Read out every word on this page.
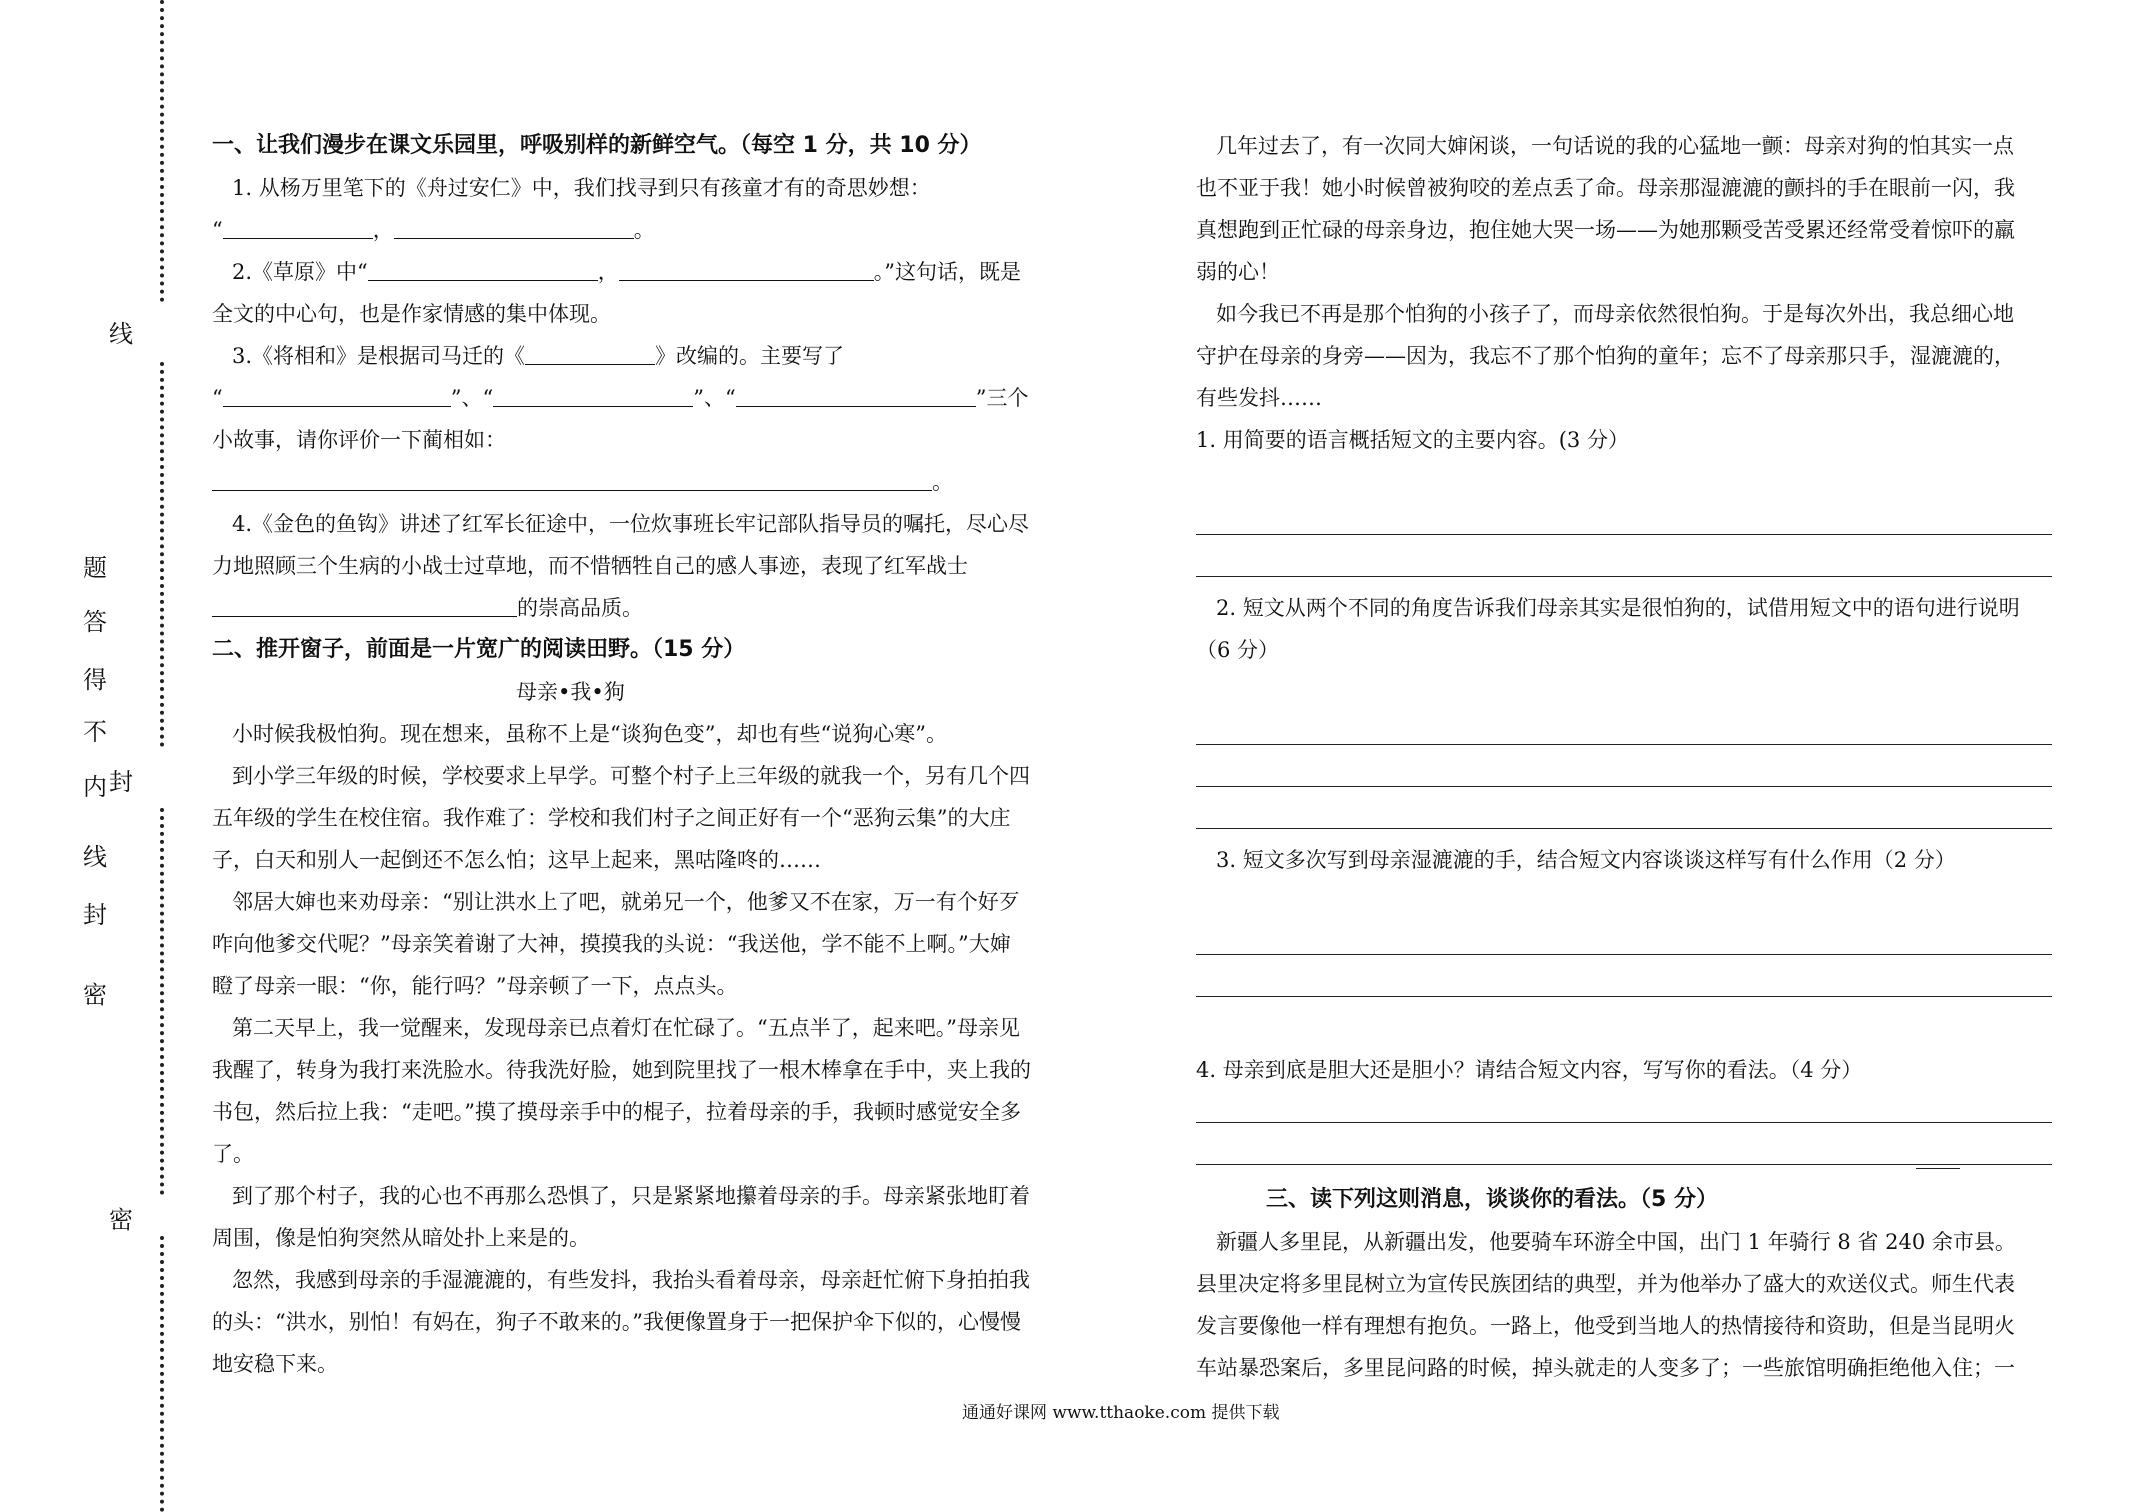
线
题
答
得
不
内 封
线
封
密
密
一、让我们漫步在课文乐园里，呼吸别样的新鲜空气。（每空 1 分，共 10 分）
1. 从杨万里笔下的《舟过安仁》中，我们找寻到只有孩童才有的奇思妙想：
“	，	。
2.《草原》中“	，	。”这句话，既是
全文的中心句，也是作家情感的集中体现。
3.《将相和》是根据司马迁的《	》改编的。主要写了
“	”、“	”、“	”三个
小故事，请你评价一下蔺相如：
。
4.《金色的鱼钩》讲述了红军长征途中，一位炊事班长牢记部队指导员的嘱托，尽心尽
力地照顾三个生病的小战士过草地，而不惜牺牲自己的感人事迹，表现了红军战士
的崇高品质。
二、推开窗子，前面是一片宽广的阅读田野。（15 分）
母亲•我•狗
小时候我极怕狗。现在想来，虽称不上是“谈狗色变”，却也有些“说狗心寒”。
到小学三年级的时候，学校要求上早学。可整个村子上三年级的就我一个，另有几个四
五年级的学生在校住宿。我作难了：学校和我们村子之间正好有一个“恶狗云集”的大庄
子，白天和别人一起倒还不怎么怕；这早上起来，黑咕隆咚的……
邻居大婶也来劝母亲：“别让洪水上了吧，就弟兄一个，他爹又不在家，万一有个好歹
咋向他爹交代呢？”母亲笑着谢了大神，摸摸我的头说：“我送他，学不能不上啊。”大婶
瞪了母亲一眼：“你，能行吗？”母亲顿了一下，点点头。
第二天早上，我一觉醒来，发现母亲已点着灯在忙碌了。“五点半了，起来吧。”母亲见
我醒了，转身为我打来洗脸水。待我洗好脸，她到院里找了一根木棒拿在手中，夹上我的
书包，然后拉上我：“走吧。”摸了摸母亲手中的棍子，拉着母亲的手，我顿时感觉安全多
了。
到了那个村子，我的心也不再那么恐惧了，只是紧紧地攥着母亲的手。母亲紧张地盯着
周围，像是怕狗突然从暗处扑上来是的。
忽然，我感到母亲的手湿漉漉的，有些发抖，我抬头看着母亲，母亲赶忙俯下身拍拍我
的头：“洪水，别怕！有妈在，狗子不敢来的。”我便像置身于一把保护伞下似的，心慢慢
地安稳下来。
几年过去了，有一次同大婶闲谈，一句话说的我的心猛地一颤：母亲对狗的怕其实一点
也不亚于我！她小时候曾被狗咬的差点丢了命。母亲那湿漉漉的颤抖的手在眼前一闪，我
真想跑到正忙碌的母亲身边，抱住她大哭一场——为她那颗受苦受累还经常受着惊吓的羸
弱的心！
如今我已不再是那个怕狗的小孩子了，而母亲依然很怕狗。于是每次外出，我总细心地
守护在母亲的身旁——因为，我忘不了那个怕狗的童年；忘不了母亲那只手，湿漉漉的，
有些发抖……
1. 用简要的语言概括短文的主要内容。(3 分）
2. 短文从两个不同的角度告诉我们母亲其实是很怕狗的，试借用短文中的语句进行说明
（6 分）
3. 短文多次写到母亲湿漉漉的手，结合短文内容谈谈这样写有什么作用（2 分）
4. 母亲到底是胆大还是胆小？请结合短文内容，写写你的看法。（4 分）
三、读下列这则消息，谈谈你的看法。（5 分）
新疆人多里昆，从新疆出发，他要骑车环游全中国，出门 1 年骑行 8 省 240 余市县。
县里决定将多里昆树立为宣传民族团结的典型，并为他举办了盛大的欢送仪式。师生代表
发言要像他一样有理想有抱负。一路上，他受到当地人的热情接待和资助，但是当昆明火
车站暴恐案后，多里昆问路的时候，掉头就走的人变多了；一些旅馆明确拒绝他入住；一
通通好课网 www.tthaoke.com 提供下载
